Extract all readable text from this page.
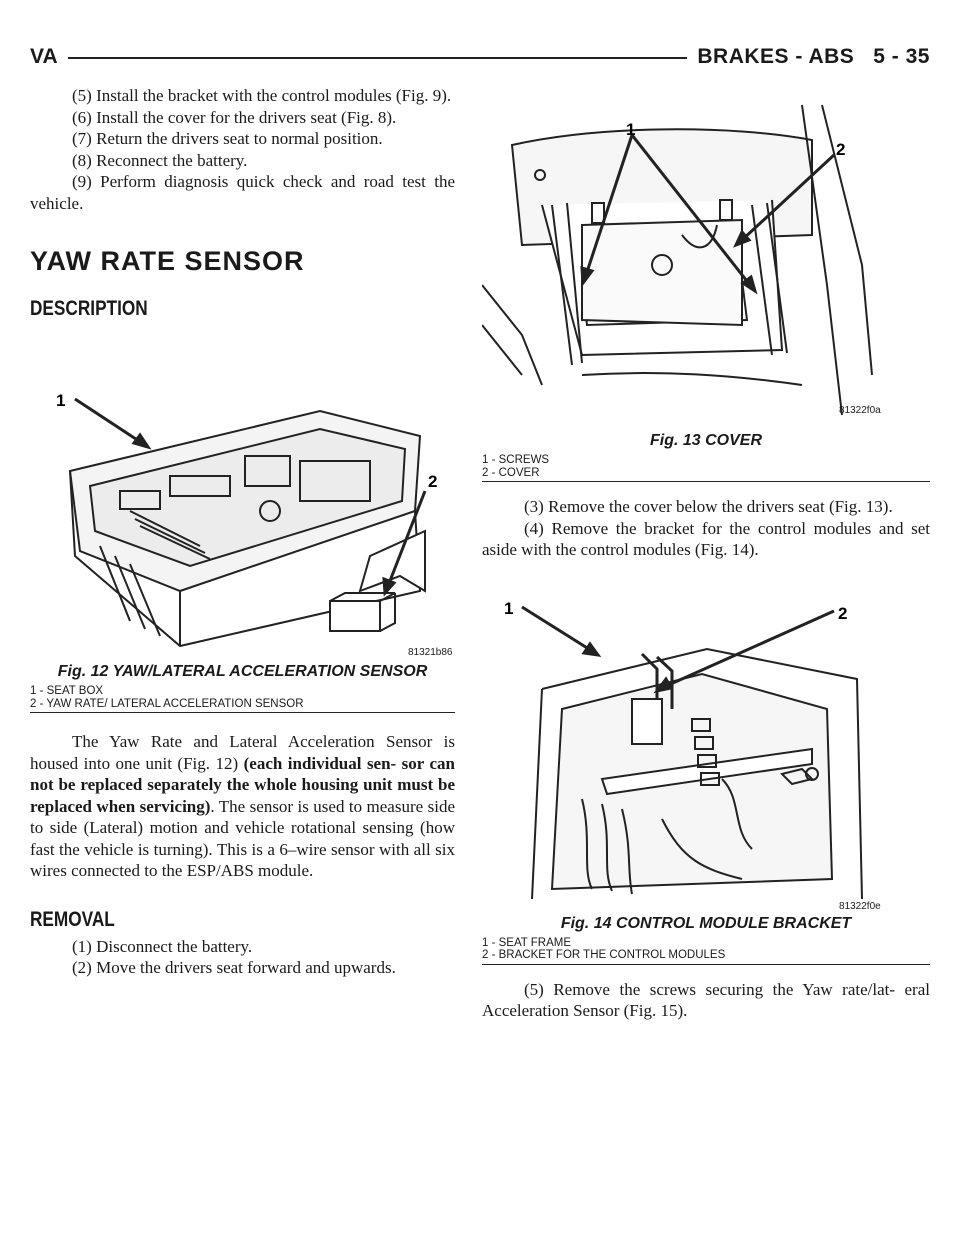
VA	BRAKES - ABS   5 - 35

(5) Install the bracket with the control modules (Fig. 9).

(6) Install the cover for the drivers seat (Fig. 8).

(7) Return the drivers seat to normal position.

(8) Reconnect the battery.

(9) Perform diagnosis quick check and road test the vehicle.

YAW RATE SENSOR
DESCRIPTION
1
2
81321b86
Fig. 12 YAW/LATERAL ACCELERATION SENSOR
1 - SEAT BOX
2 - YAW RATE/ LATERAL ACCELERATION SENSOR

The Yaw Rate and Lateral Acceleration Sensor is housed into one unit (Fig. 12) (each individual sen- sor can not be replaced separately the whole housing unit must be replaced when servicing). The sensor is used to measure side to side (Lateral) motion and vehicle rotational sensing (how fast the vehicle is turning). This is a 6–wire sensor with all six wires connected to the ESP/ABS module.

REMOVAL

(1) Disconnect the battery.

(2) Move the drivers seat forward and upwards.

1
2
81322f0a
Fig. 13 COVER
1 - SCREWS
2 - COVER

(3) Remove the cover below the drivers seat (Fig. 13).

(4) Remove the bracket for the control modules and set aside with the control modules (Fig. 14).

1	2
81322f0e
Fig. 14 CONTROL MODULE BRACKET
1 - SEAT FRAME
2 - BRACKET FOR THE CONTROL MODULES

(5) Remove the screws securing the Yaw rate/lat- eral Acceleration Sensor (Fig. 15).
